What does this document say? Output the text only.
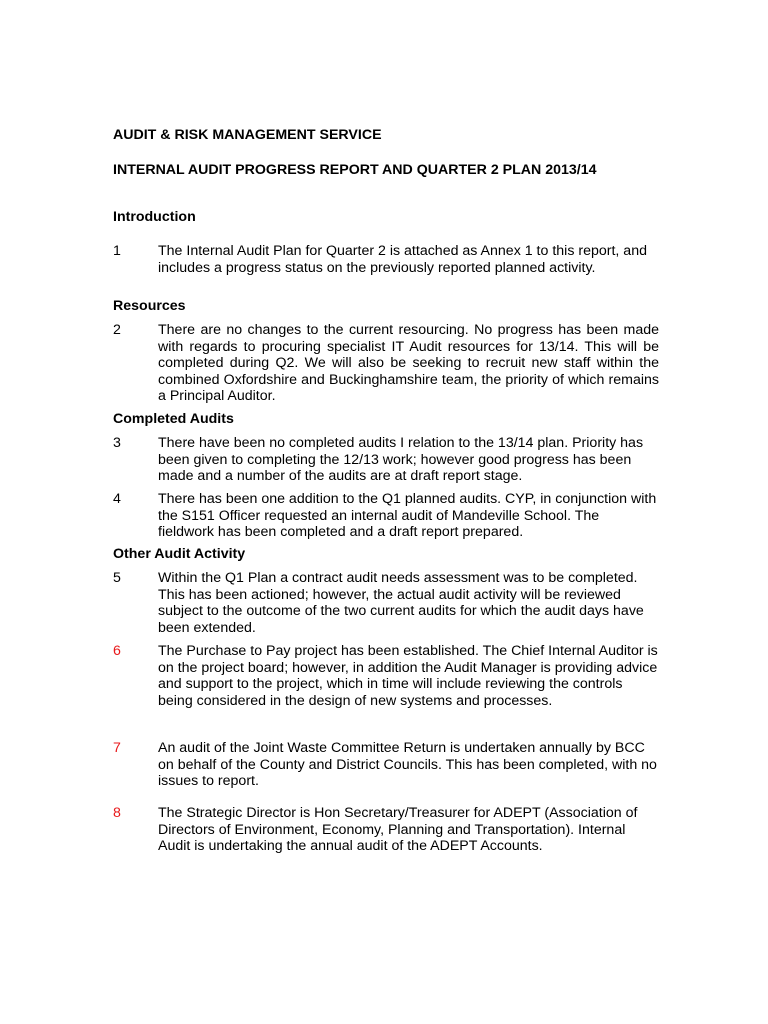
AUDIT & RISK MANAGEMENT SERVICE
INTERNAL AUDIT PROGRESS REPORT AND QUARTER 2 PLAN 2013/14
Introduction
1	The Internal Audit Plan for Quarter 2 is attached as Annex 1 to this report, and includes a progress status on the previously reported planned activity.
Resources
2	There are no changes to the current resourcing. No progress has been made with regards to procuring specialist IT Audit resources for 13/14. This will be completed during Q2. We will also be seeking to recruit new staff within the combined Oxfordshire and Buckinghamshire team, the priority of which remains a Principal Auditor.
Completed Audits
3	There have been no completed audits I relation to the 13/14 plan. Priority has been given to completing the 12/13 work; however good progress has been made and a number of the audits are at draft report stage.
4	There has been one addition to the Q1 planned audits. CYP, in conjunction with the S151 Officer requested an internal audit of Mandeville School. The fieldwork has been completed and a draft report prepared.
Other Audit Activity
5	Within the Q1 Plan a contract audit needs assessment was to be completed. This has been actioned; however, the actual audit activity will be reviewed subject to the outcome of the two current audits for which the audit days have been extended.
6	The Purchase to Pay project has been established. The Chief Internal Auditor is on the project board; however, in addition the Audit Manager is providing advice and support to the project, which in time will include reviewing the controls being considered in the design of new systems and processes.
7	An audit of the Joint Waste Committee Return is undertaken annually by BCC on behalf of the County and District Councils. This has been completed, with no issues to report.
8	The Strategic Director is Hon Secretary/Treasurer for ADEPT (Association of Directors of Environment, Economy, Planning and Transportation). Internal Audit is undertaking the annual audit of the ADEPT Accounts.
